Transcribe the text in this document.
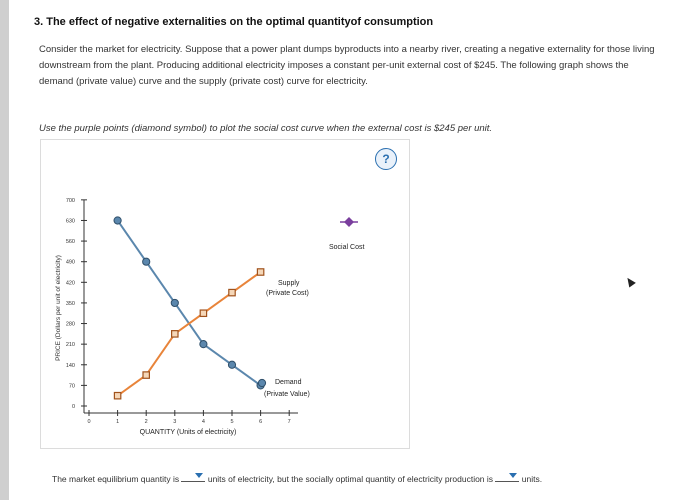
3. The effect of negative externalities on the optimal quantityof consumption
Consider the market for electricity. Suppose that a power plant dumps byproducts into a nearby river, creating a negative externality for those living downstream from the plant. Producing additional electricity imposes a constant per-unit external cost of $245. The following graph shows the demand (private value) curve and the supply (private cost) curve for electricity.
Use the purple points (diamond symbol) to plot the social cost curve when the external cost is $245 per unit.
?
PRICE (Dollars per unit of electricity)
QUANTITY (Units of electricity)
0
70
140
210
280
350
420
490
560
630
700
0	1	2	3	4	5	6	7
Supply
(Private Cost)
Demand
(Private Value)
Social Cost
The market equilibrium quantity is	units of electricity, but the socially optimal quantity of electricity production is	units.
